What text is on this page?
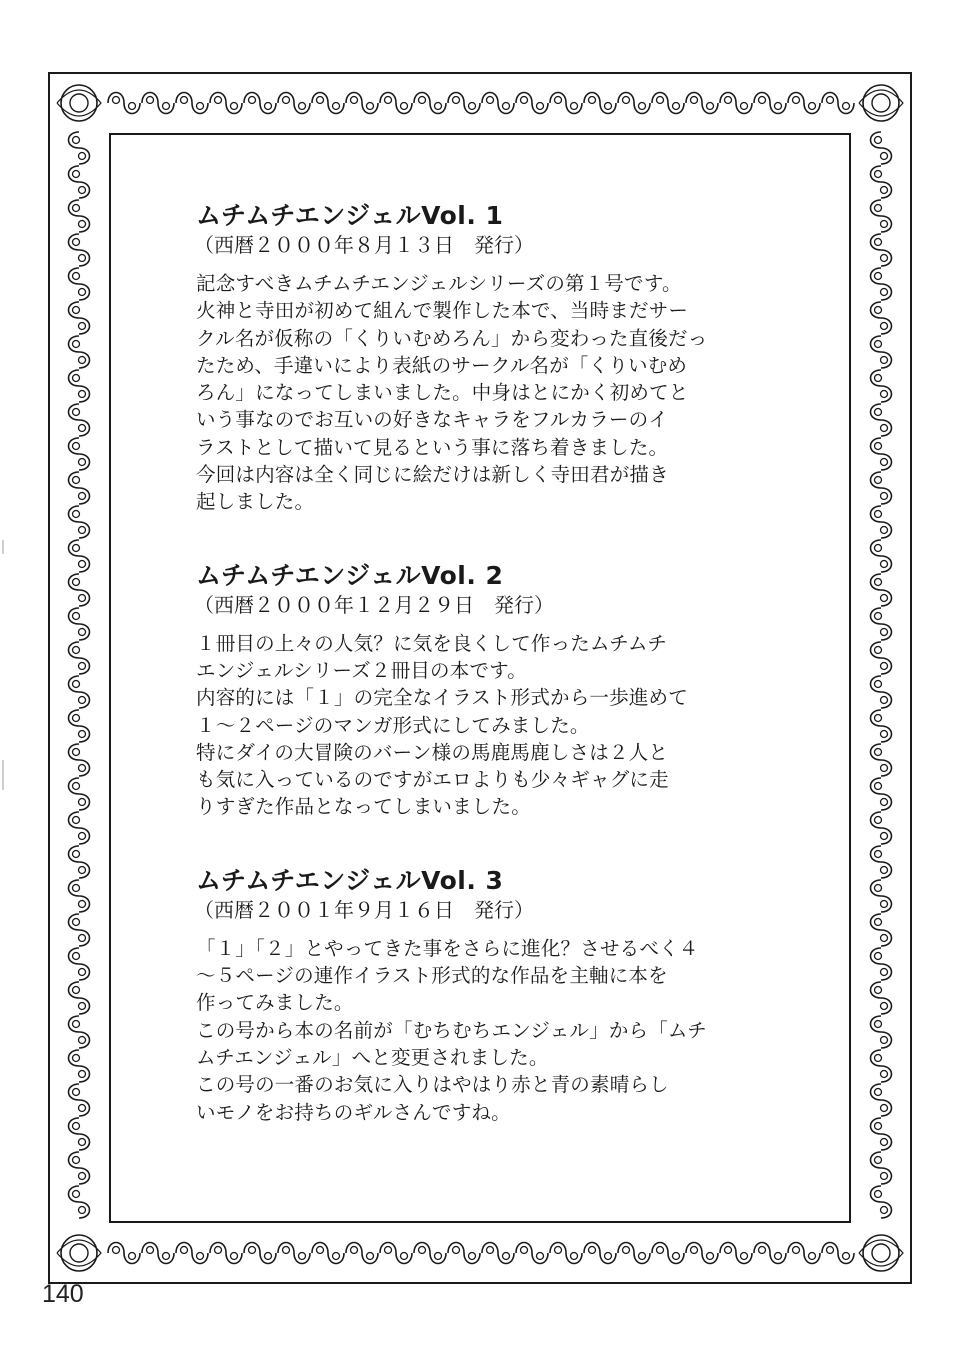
ムチムチエンジェルVol. 1
（西暦２０００年８月１３日　発行）

記念すべきムチムチエンジェルシリーズの第１号です。
火神と寺田が初めて組んで製作した本で、当時まだサー
クル名が仮称の「くりいむめろん」から変わった直後だっ
たため、手違いにより表紙のサークル名が「くりいむめ
ろん」になってしまいました。中身はとにかく初めてと
いう事なのでお互いの好きなキャラをフルカラーのイ
ラストとして描いて見るという事に落ち着きました。
今回は内容は全く同じに絵だけは新しく寺田君が描き
起しました。

ムチムチエンジェルVol. 2
（西暦２０００年１２月２９日　発行）

１冊目の上々の人気？に気を良くして作ったムチムチ
エンジェルシリーズ２冊目の本です。
内容的には「１」の完全なイラスト形式から一歩進めて
１～２ページのマンガ形式にしてみました。
特にダイの大冒険のバーン様の馬鹿馬鹿しさは２人と
も気に入っているのですがエロよりも少々ギャグに走
りすぎた作品となってしまいました。

ムチムチエンジェルVol. 3
（西暦２００１年９月１６日　発行）

「１」「２」とやってきた事をさらに進化？させるべく４
～５ページの連作イラスト形式的な作品を主軸に本を
作ってみました。
この号から本の名前が「むちむちエンジェル」から「ムチ
ムチエンジェル」へと変更されました。
この号の一番のお気に入りはやはり赤と青の素晴らし
いモノをお持ちのギルさんですね。

140
